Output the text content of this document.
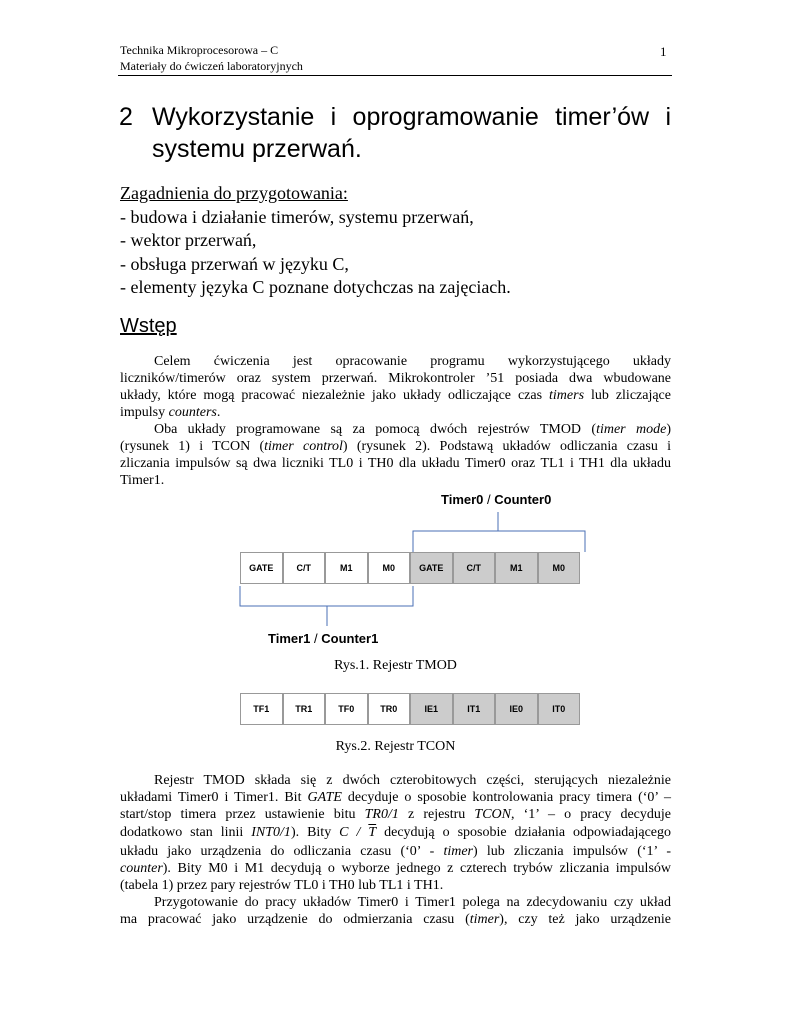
Technika Mikroprocesorowa – C
Materiały do ćwiczeń laboratoryjnych
1
2 Wykorzystanie i oprogramowanie timer’ów i
systemu przerwań.
Zagadnienia do przygotowania:
- budowa i działanie timerów, systemu przerwań,
- wektor przerwań,
- obsługa przerwań w języku C,
- elementy języka C poznane dotychczas na zajęciach.
Wstęp

Celem ćwiczenia jest opracowanie programu wykorzystującego układy

liczników/timerów oraz system przerwań. Mikrokontroler ’51 posiada dwa wbudowane

układy, które mogą pracować niezależnie jako układy odliczające czas timers lub zliczające

impulsy counters.

Oba układy programowane są za pomocą dwóch rejestrów TMOD (timer mode)

(rysunek 1) i TCON (timer control) (rysunek 2). Podstawą układów odliczania czasu i

zliczania impulsów są dwa liczniki TL0 i TH0 dla układu Timer0 oraz TL1 i TH1 dla układu

Timer1.

Timer0 / Counter0
GATE	C/T	M1	M0	GATE	C/T	M1	M0
Timer1 / Counter1
Rys.1. Rejestr TMOD
TF1	TR1	TF0	TR0	IE1	IT1	IE0	IT0
Rys.2. Rejestr TCON

Rejestr TMOD składa się z dwóch czterobitowych części, sterujących niezależnie

układami Timer0 i Timer1. Bit GATE decyduje o sposobie kontrolowania pracy timera (‘0’ –

start/stop timera przez ustawienie bitu TR0/1 z rejestru TCON, ‘1’ – o pracy decyduje

dodatkowo stan linii INT0/1). Bity C / $\overline{T}$ decydują o sposobie działania odpowiadającego

układu jako urządzenia do odliczania czasu (‘0’ - timer) lub zliczania impulsów (‘1’ -

counter). Bity M0 i M1 decydują o wyborze jednego z czterech trybów zliczania impulsów

(tabela 1) przez pary rejestrów TL0 i TH0 lub TL1 i TH1.

Przygotowanie do pracy układów Timer0 i Timer1 polega na zdecydowaniu czy układ

ma pracować jako urządzenie do odmierzania czasu (timer), czy też jako urządzenie
